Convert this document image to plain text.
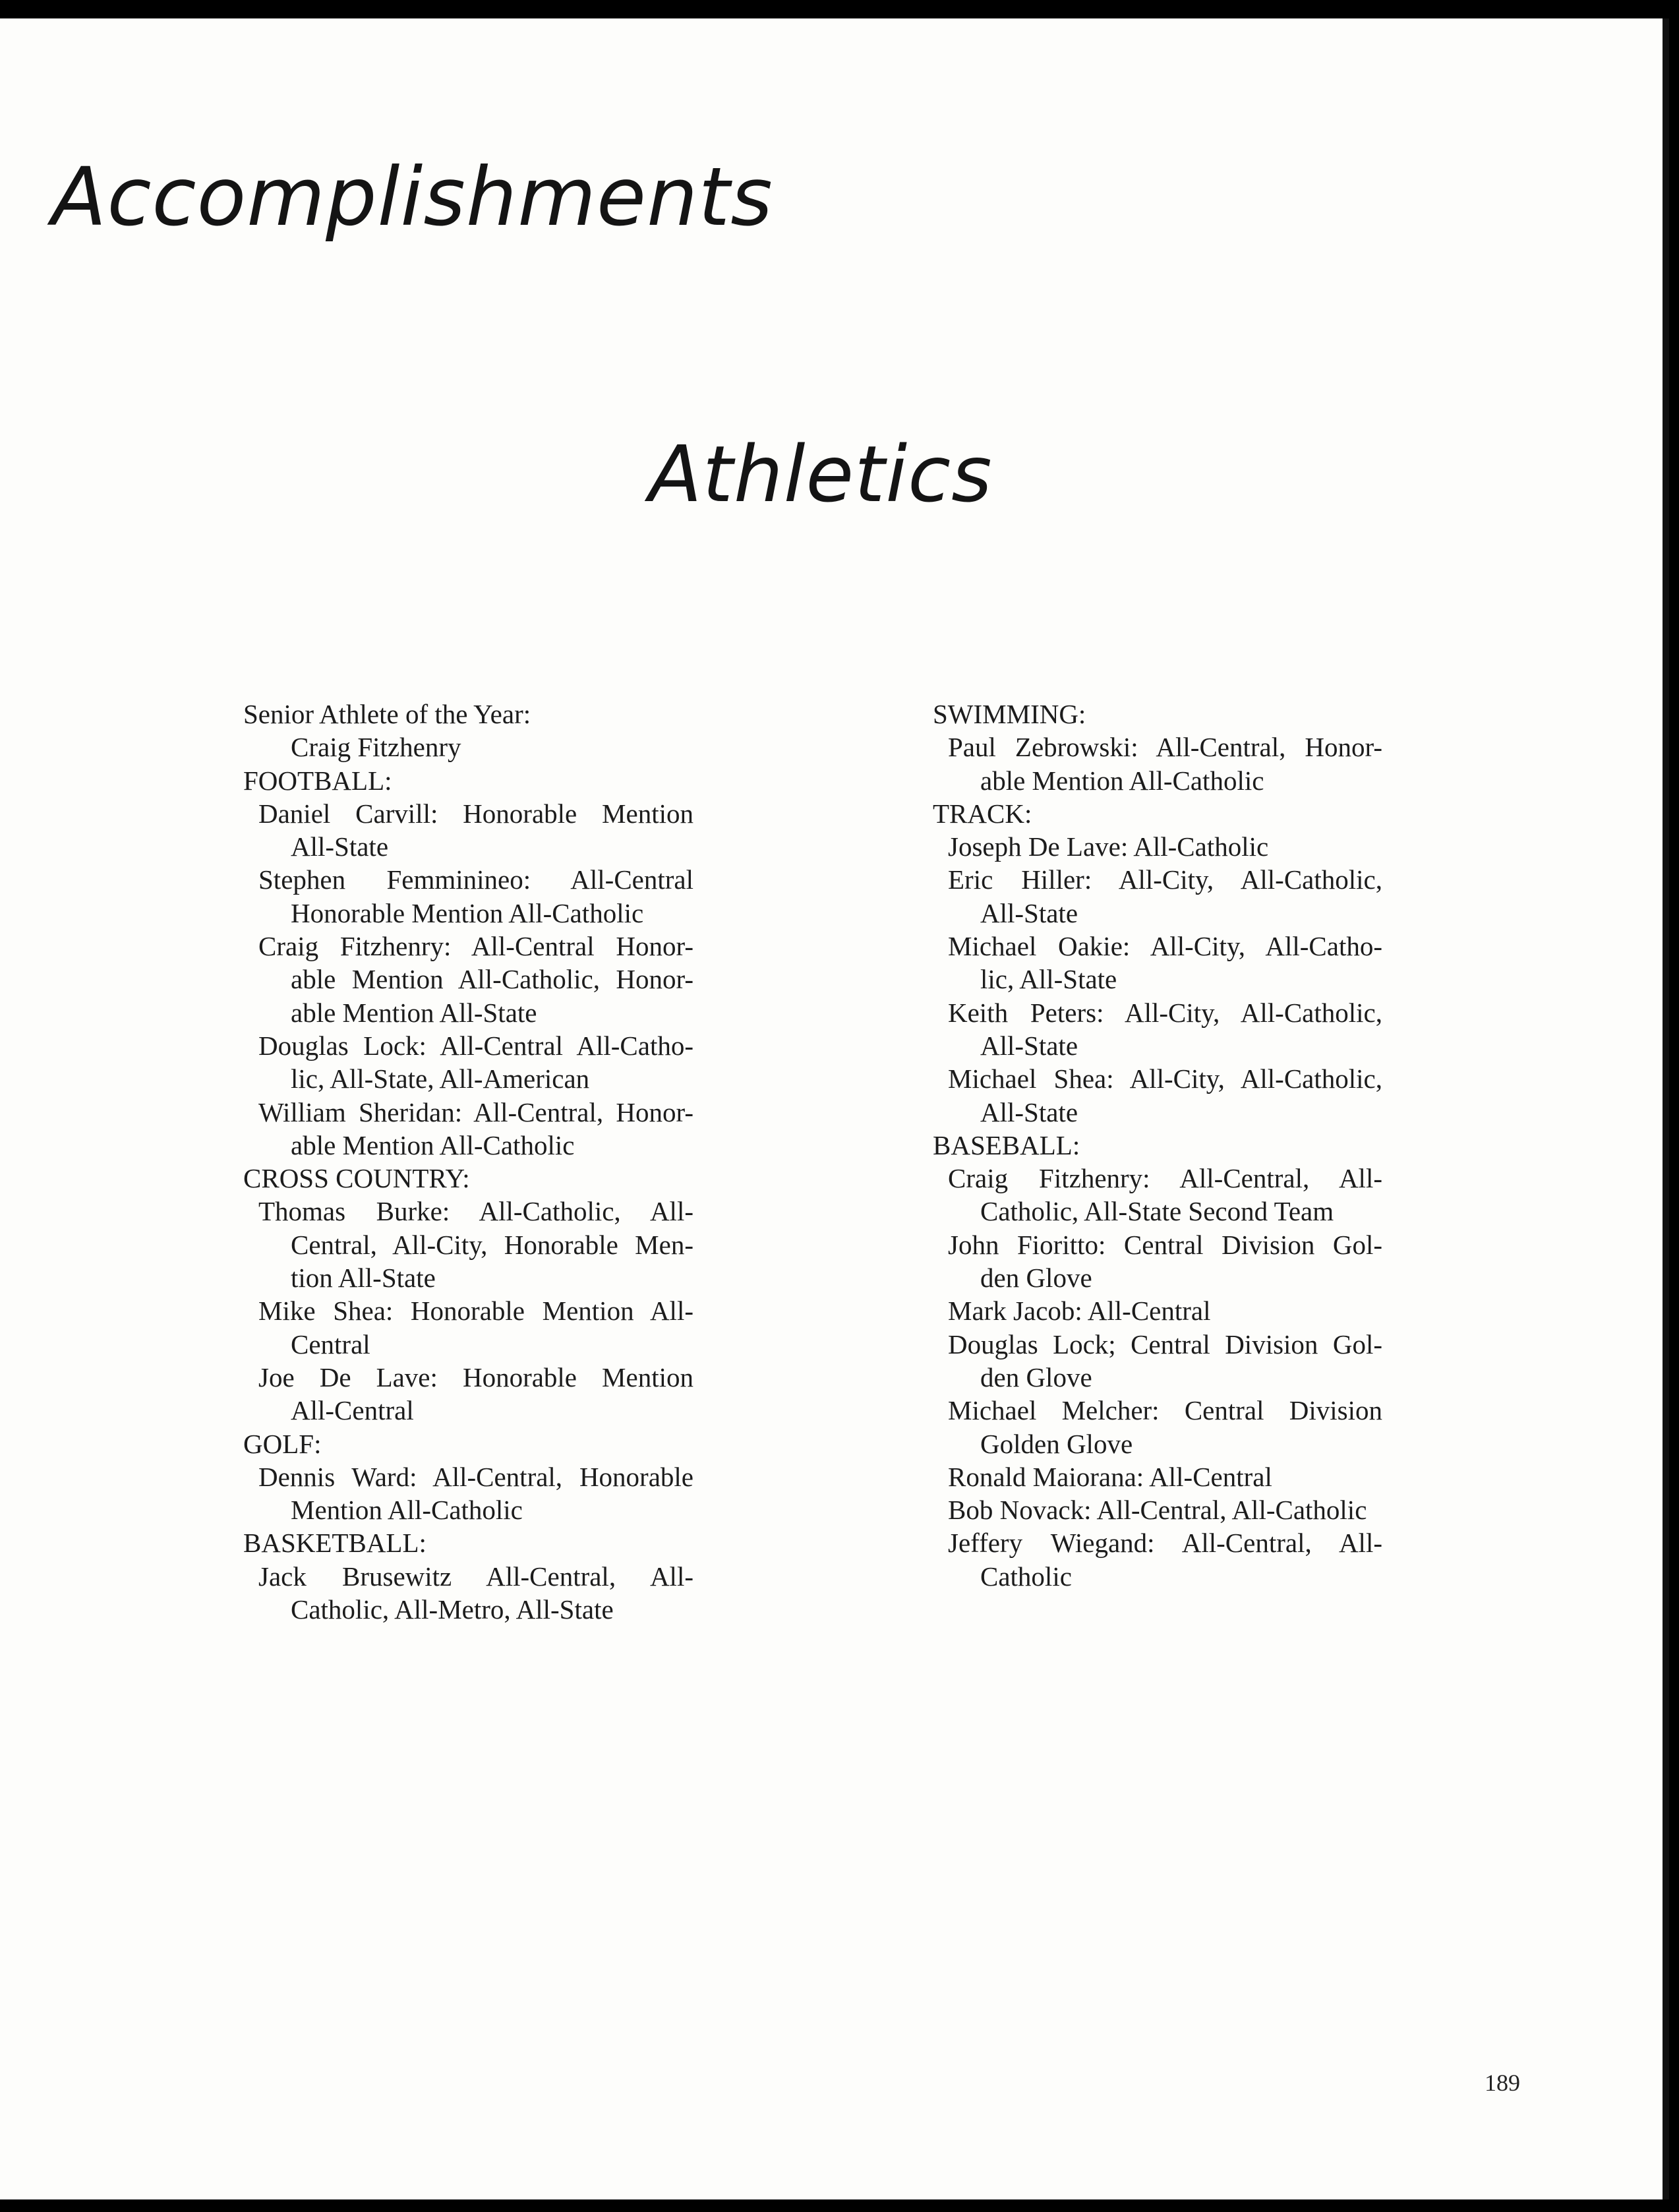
Accomplishments
Athletics
Senior Athlete of the Year:
Craig Fitzhenry
FOOTBALL:
Daniel Carvill: Honorable Mention
All-State
Stephen Femminineo: All-Central
Honorable Mention All-Catholic
Craig Fitzhenry: All-Central Honor-
able Mention All-Catholic, Honor-
able Mention All-State
Douglas Lock: All-Central All-Catho-
lic, All-State, All-American
William Sheridan: All-Central, Honor-
able Mention All-Catholic
CROSS COUNTRY:
Thomas Burke: All-Catholic, All-
Central, All-City, Honorable Men-
tion All-State
Mike Shea: Honorable Mention All-
Central
Joe De Lave: Honorable Mention
All-Central
GOLF:
Dennis Ward: All-Central, Honorable
Mention All-Catholic
BASKETBALL:
Jack Brusewitz All-Central, All-
Catholic, All-Metro, All-State
SWIMMING:
Paul Zebrowski: All-Central, Honor-
able Mention All-Catholic
TRACK:
Joseph De Lave: All-Catholic
Eric Hiller: All-City, All-Catholic,
All-State
Michael Oakie: All-City, All-Catho-
lic, All-State
Keith Peters: All-City, All-Catholic,
All-State
Michael Shea: All-City, All-Catholic,
All-State
BASEBALL:
Craig Fitzhenry: All-Central, All-
Catholic, All-State Second Team
John Fioritto: Central Division Gol-
den Glove
Mark Jacob: All-Central
Douglas Lock; Central Division Gol-
den Glove
Michael Melcher: Central Division
Golden Glove
Ronald Maiorana: All-Central
Bob Novack: All-Central, All-Catholic
Jeffery Wiegand: All-Central, All-
Catholic

189
